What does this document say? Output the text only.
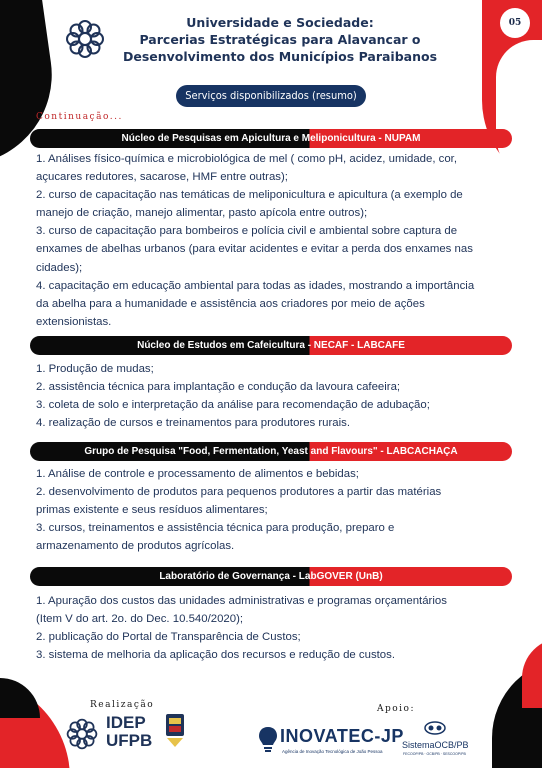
05
Universidade e Sociedade:
Parcerias Estratégicas para Alavancar o
Desenvolvimento dos Municípios Paraibanos
Serviços disponibilizados (resumo)
Continuação...
Núcleo de Pesquisas em Apicultura e Meliponicultura - NUPAM

1. Análises físico-química e microbiológica de mel ( como pH, acidez, umidade, cor,

açucares redutores, sacarose, HMF entre outras);

2. curso de capacitação nas temáticas de meliponicultura e apicultura (a exemplo de

manejo de criação, manejo alimentar, pasto apícola entre outros);

3. curso de capacitação para bombeiros e polícia civil e ambiental sobre captura de

enxames de abelhas urbanos (para evitar acidentes e evitar a perda dos enxames nas

cidades);

4. capacitação em educação ambiental para todas as idades, mostrando a importância

da abelha para a humanidade e assistência aos criadores por meio de ações

extensionistas.

Núcleo de Estudos em Cafeicultura - NECAF - LABCAFE

1. Produção de mudas;

2. assistência técnica para implantação e condução da lavoura cafeeira;

3. coleta de solo e interpretação da análise para recomendação de adubação;

4. realização de cursos e treinamentos para produtores rurais.

Grupo de Pesquisa "Food, Fermentation, Yeast and Flavours" - LABCACHAÇA

1. Análise de controle e processamento de alimentos e bebidas;

2. desenvolvimento de produtos para pequenos produtores a partir das matérias

primas existente e seus resíduos alimentares;

3. cursos, treinamentos e assistência técnica para produção, preparo e

armazenamento de produtos agrícolas.

Laboratório de Governança - LabGOVER (UnB)

1. Apuração dos custos das unidades administrativas e programas orçamentários

(Item V do art. 2o. do Dec. 10.540/2020);

2. publicação do Portal de Transparência de Custos;

3. sistema de melhoria da aplicação dos recursos e redução de custos.

Realização
IDEP
UFPB
Apoio:
INOVATEC-JP
Agência de Inovação Tecnológica de João Pessoa
SistemaOCB/PB
FECOOP/PB · OCB/PB · SESCOOP/PB
